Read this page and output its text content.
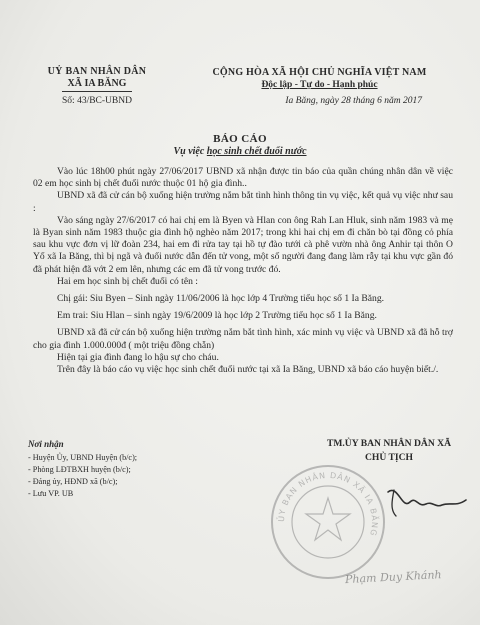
UỶ BAN NHÂN DÂN
XÃ IA BĂNG
Số: 43/BC-UBND
CỘNG HÒA XÃ HỘI CHỦ NGHĨA VIỆT NAM
Độc lập - Tự do - Hạnh phúc
Ia Băng, ngày 28 tháng 6 năm 2017
BÁO CÁO
Vụ việc học sinh chết đuối nước

Vào lúc 18h00 phút ngày 27/06/2017 UBND xã nhận được tin báo của quần chúng nhân dân về việc 02 em học sinh bị chết đuối nước thuộc 01 hộ gia đình..

UBND xã đã cử cán bộ xuống hiện trường nắm bắt tình hình thông tin vụ việc, kết quả vụ việc như sau :

Vào sáng ngày 27/6/2017 có hai chị em là Byen và Hlan con ông Rah Lan Hluk, sinh năm 1983 và mẹ là Byan sinh năm 1983 thuộc gia đình hộ nghèo năm 2017; trong khi hai chị em đi chăn bò tại đồng cỏ phía sau khu vực đơn vị lữ đoàn 234, hai em đi rửa tay tại hồ tự đào tưới cà phê vườn nhà ông Anhir tại thôn O Yố xã Ia Băng, thì bị ngã và đuối nước dẫn đến tử vong, một số người đang đang làm rẫy tại khu vực gần đó đã phát hiện đã vớt 2 em lên, nhưng các em đã tử vong trước đó.

Hai em học sinh bị chết đuối có tên :

Chị gái: Siu Byen – Sinh ngày 11/06/2006 là học lớp 4 Trường tiểu học số 1 Ia Băng.

Em trai: Siu Hlan – sinh ngày 19/6/2009 là học lớp 2 Trường tiểu học số 1 Ia Băng.

UBND xã đã cử cán bộ xuống hiện trường nắm bắt tình hình, xác minh vụ việc và UBND xã đã hỗ trợ cho gia đình 1.000.000đ ( một triệu đồng chẵn)

Hiện tại gia đình đang lo hậu sự cho cháu.

Trên đây là báo cáo vụ việc học sinh chết đuối nước tại xã Ia Băng, UBND xã báo cáo huyện biết./.

Nơi nhận
- Huyện Ủy, UBND Huyện (b/c);
- Phòng LĐTBXH huyện (b/c);
- Đảng ủy, HĐND xã (b/c);
- Lưu VP. UB
TM.ỦY BAN NHÂN DÂN XÃ
CHỦ TỊCH
ỦY BAN NHÂN DÂN XÃ IA BĂNG
Phạm Duy Khánh
